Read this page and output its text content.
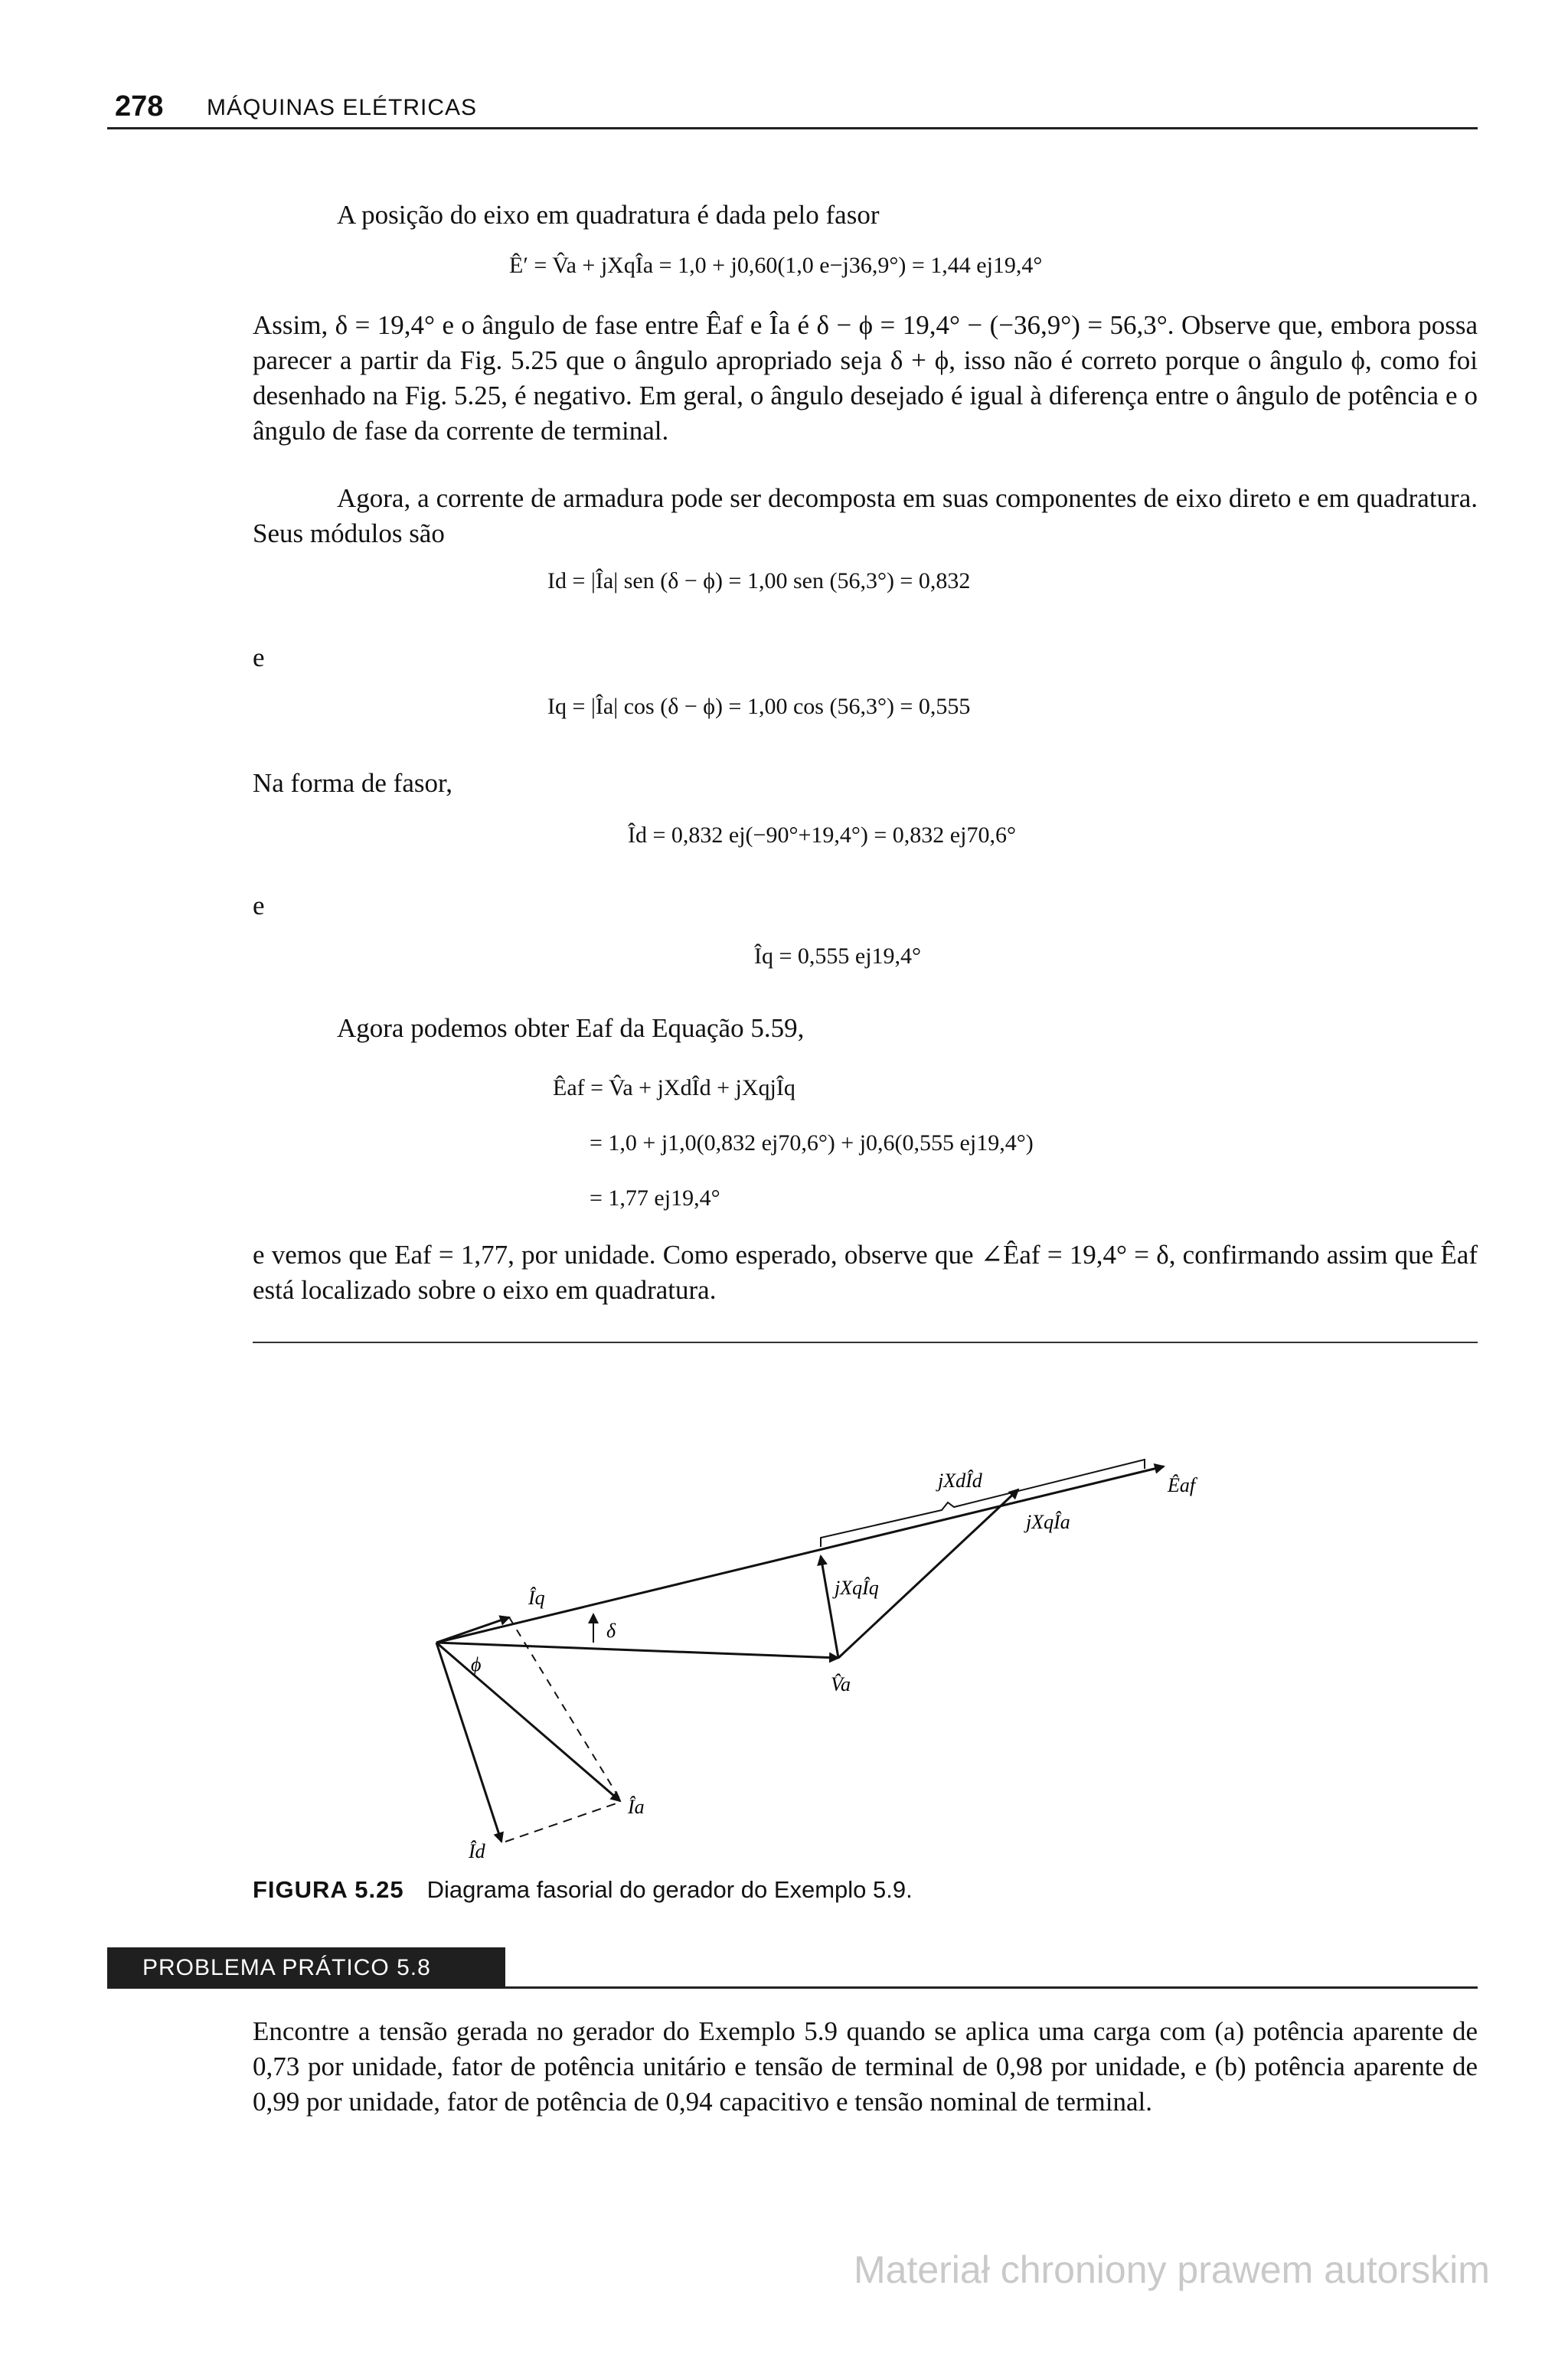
278 MÁQUINAS ELÉTRICAS
A posição do eixo em quadratura é dada pelo fasor
Ê′ = V̂a + jXqÎa = 1,0 + j0,60(1,0 e−j36,9°) = 1,44 ej19,4°
Assim, δ = 19,4° e o ângulo de fase entre Êaf e Îa é δ − ϕ = 19,4° − (−36,9°) = 56,3°. Observe que, embora possa parecer a partir da Fig. 5.25 que o ângulo apropriado seja δ + ϕ, isso não é correto porque o ângulo ϕ, como foi desenhado na Fig. 5.25, é negativo. Em geral, o ângulo desejado é igual à diferença entre o ângulo de potência e o ângulo de fase da corrente de terminal.
Agora, a corrente de armadura pode ser decomposta em suas componentes de eixo direto e em quadratura. Seus módulos são
Id = |Îa| sen (δ − ϕ) = 1,00 sen (56,3°) = 0,832
e
Iq = |Îa| cos (δ − ϕ) = 1,00 cos (56,3°) = 0,555
Na forma de fasor,
Îd = 0,832 ej(−90°+19,4°) = 0,832 ej70,6°
e
Îq = 0,555 ej19,4°
Agora podemos obter Eaf da Equação 5.59,
Êaf = V̂a + jXdÎd + jXqjÎq
= 1,0 + j1,0(0,832 ej70,6°) + j0,6(0,555 ej19,4°)
= 1,77 ej19,4°
e vemos que Eaf = 1,77, por unidade. Como esperado, observe que ∠Êaf = 19,4° = δ, confirmando assim que Êaf está localizado sobre o eixo em quadratura.
jXdÎd	Êaf
jXqÎa
jXqÎq
Îq
δ
ϕ
V̂a
Îa
Îd
FIGURA 5.25 Diagrama fasorial do gerador do Exemplo 5.9.
PROBLEMA PRÁTICO 5.8
Encontre a tensão gerada no gerador do Exemplo 5.9 quando se aplica uma carga com (a) potência aparente de 0,73 por unidade, fator de potência unitário e tensão de terminal de 0,98 por unidade, e (b) potência aparente de 0,99 por unidade, fator de potência de 0,94 capacitivo e tensão nominal de terminal.
Materiał chroniony prawem autorskim
